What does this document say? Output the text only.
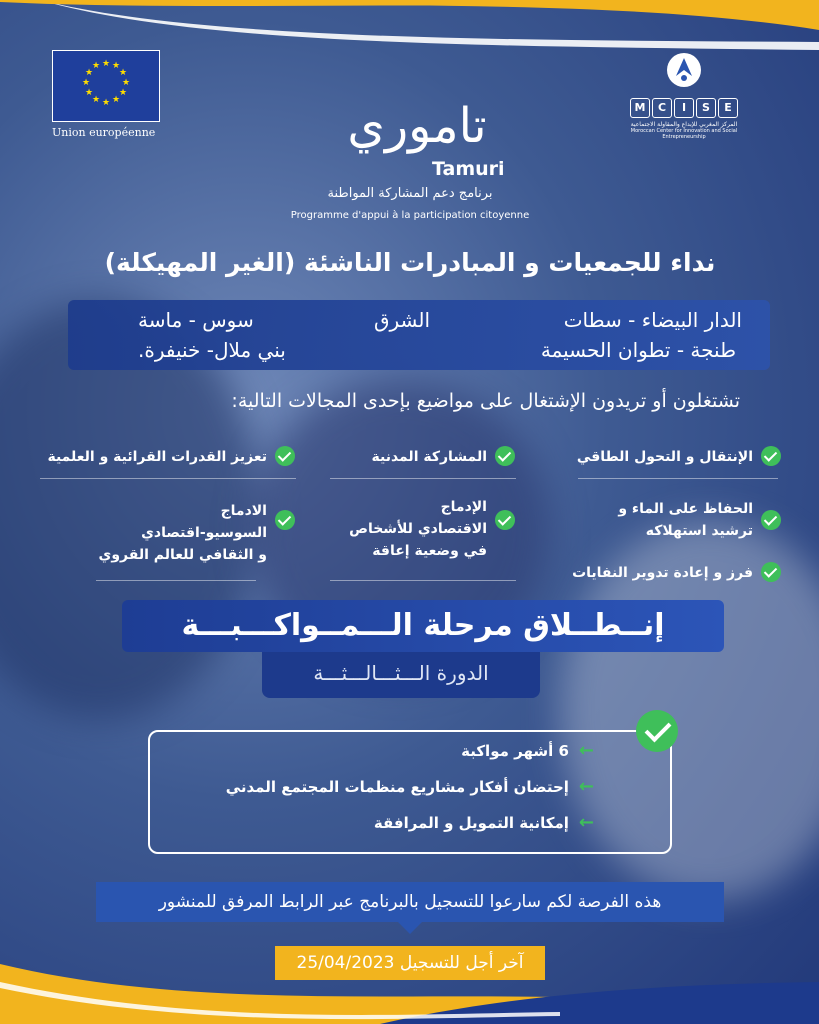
★ ★
★
★
★
★
★
★
★
★
★
★
Union européenne
M	C	I	S	E
المركز المغربي للإبداع والمقاولة الاجتماعية
Moroccan Center for Innovation and Social Entrepreneurship
تاموري
Tamuri
برنامج دعم المشاركة المواطنة
Programme d'appui à la participation citoyenne
نداء للجمعيات و المبادرات الناشئة (الغير المهيكلة)
الدار البيضاء - سطات
الشرق
سوس - ماسة
طنجة - تطوان الحسيمة
بني ملال- خنيفرة.
تشتغلون أو تريدون الإشتغال على مواضيع بإحدى المجالات التالية:
الإنتقال و التحول الطاقي
الحفاظ على الماء و
ترشيد استهلاكه
فرز و إعادة تدوير النفايات
المشاركة المدنية
الإدماج
الاقتصادي للأشخاص
في وضعية إعاقة
تعزيز القدرات القرائية و العلمية
الادماج
السوسيو-اقتصادي
و الثقافي للعالم القروي
إنــطــلاق مرحلة الـــمــواكـــبـــة
الدورة الـــثـــالـــثـــة
←
6 أشهر مواكبة
←
إحتضان أفكار مشاريع منظمات المجتمع المدني
←
إمكانية التمويل و المرافقة
هذه الفرصة لكم سارعوا للتسجيل بالبرنامج عبر الرابط المرفق للمنشور
آخر أجل للتسجيل 25/04/2023
